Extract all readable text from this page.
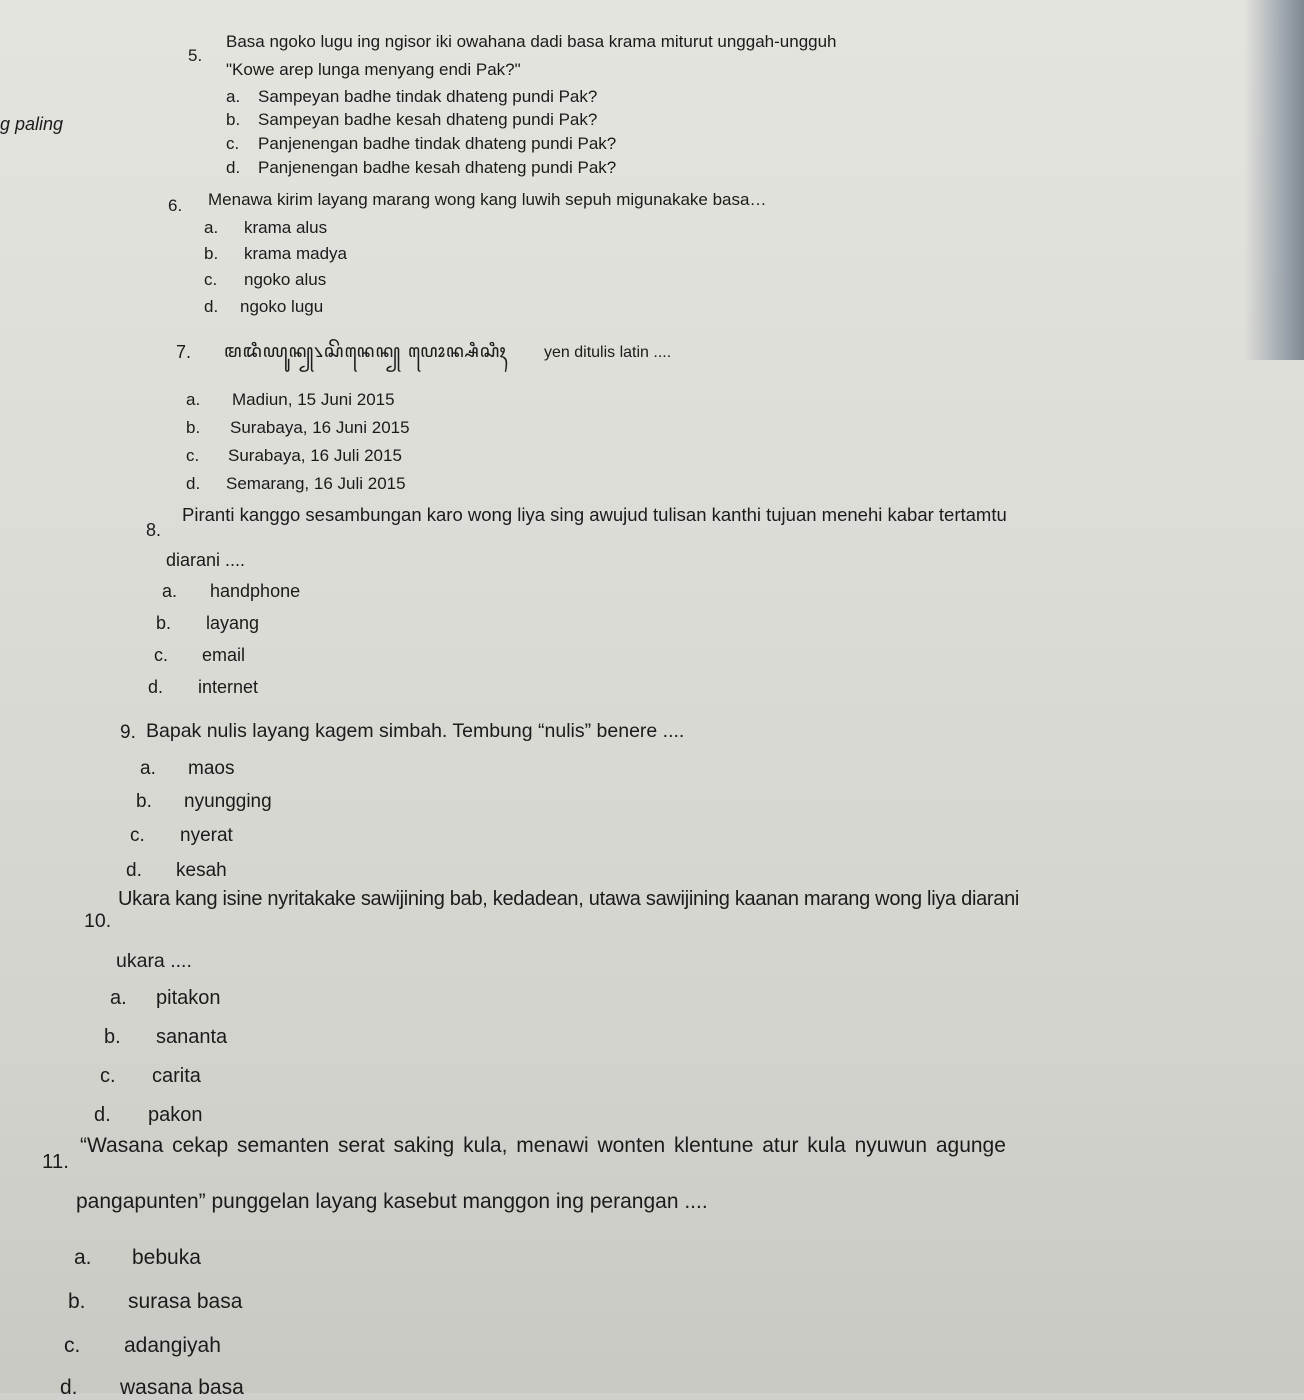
g paling
5.
Basa ngoko lugu ing ngisor iki owahana dadi basa krama miturut unggah-ungguh
"Kowe arep lunga menyang endi Pak?"
a. Sampeyan badhe tindak dhateng pundi Pak?
b. Sampeyan badhe kesah dhateng pundi Pak?
c. Panjenengan badhe tindak dhateng pundi Pak?
d. Panjenengan badhe kesah dhateng pundi Pak?
6. Menawa kirim layang marang wong kang luwih sepuh migunakake basa…
a. krama alus
b. krama madya
c. ngoko alus
d. ngoko lugu
7. ꦩꦢꦶꦪꦸꦤ꧀꧈ꦱꦼꦤꦺꦤ꧀ ꦥꦺꦴꦤ꧀ꦱꦶꦱꦶꦃ yen ditulis latin ....
a. Madiun, 15 Juni 2015
b. Surabaya, 16 Juni 2015
c. Surabaya, 16 Juli 2015
d. Semarang, 16 Juli 2015
8.
Piranti kanggo sesambungan karo wong liya sing awujud tulisan kanthi tujuan menehi kabar tertamtu
diarani ....
a. handphone
b. layang
c. email
d. internet
9. Bapak nulis layang kagem simbah. Tembung “nulis” benere ....
a. maos
b. nyungging
c. nyerat
d. kesah
10.
Ukara kang isine nyritakake sawijining bab, kedadean, utawa sawijining kaanan marang wong liya diarani
ukara ....
a. pitakon
b. sananta
c. carita
d. pakon
11.
“Wasana cekap semanten serat saking kula, menawi wonten klentune atur kula nyuwun agunge
pangapunten” punggelan layang kasebut manggon ing perangan ....
a. bebuka
b. surasa basa
c. adangiyah
d. wasana basa
